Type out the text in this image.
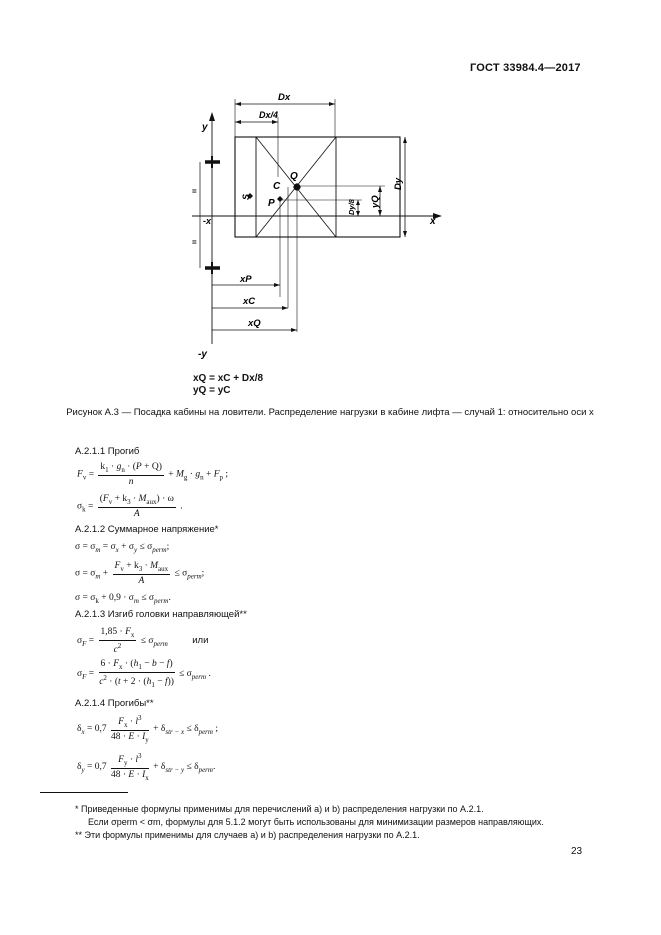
ГОСТ 33984.4—2017
y
-y
x
-x
=
=
Dx
Dx/4
Dy
yQ
Dy/8
C
Q
P
S
xP
xC
xQ
xQ = xC + Dx/8
yQ = yC
Рисунок А.3 — Посадка кабины на ловители. Распределение нагрузки в кабине лифта — случай 1: относительно оси x
А.2.1.1 Прогиб
$F_v = \frac{k_1 \cdot g_n \cdot (P + Q)}{n} + M_g \cdot g_n + F_p$ ;
$\sigma_k = \frac{(F_v + k_3 \cdot M_{aux}) \cdot \omega}{A}$ .
А.2.1.2 Суммарное напряжение*
$\sigma = \sigma_m = \sigma_x + \sigma_y \le \sigma_{perm}$;
$\sigma = \sigma_m + \frac{F_v + k_3 \cdot M_{aux}}{A} \le \sigma_{perm}$;
$\sigma = \sigma_k + 0,9 \cdot \sigma_m \le \sigma_{perm}$.
А.2.1.3 Изгиб головки направляющей**
$\sigma_F = \frac{1,85 \cdot F_x}{c^2} \le \sigma_{perm}$	или
$\sigma_F = \frac{6 \cdot F_x \cdot (h_1 - b - f)}{c^2 \cdot (t + 2 \cdot (h_1 - f))} \le \sigma_{perm}$ .
А.2.1.4 Прогибы**
$\delta_x = 0,7 \frac{F_x \cdot l^3}{48 \cdot E \cdot I_y} + \delta_{str - x} \le \delta_{perm}$ ;
$\delta_y = 0,7 \frac{F_y \cdot l^3}{48 \cdot E \cdot I_x} + \delta_{str - y} \le \delta_{perm}$.
* Приведенные формулы применимы для перечислений a) и b) распределения нагрузки по А.2.1.
Если σperm < σm, формулы для 5.1.2 могут быть использованы для минимизации размеров направляющих.
** Эти формулы применимы для случаев a) и b) распределения нагрузки по А.2.1.
23
